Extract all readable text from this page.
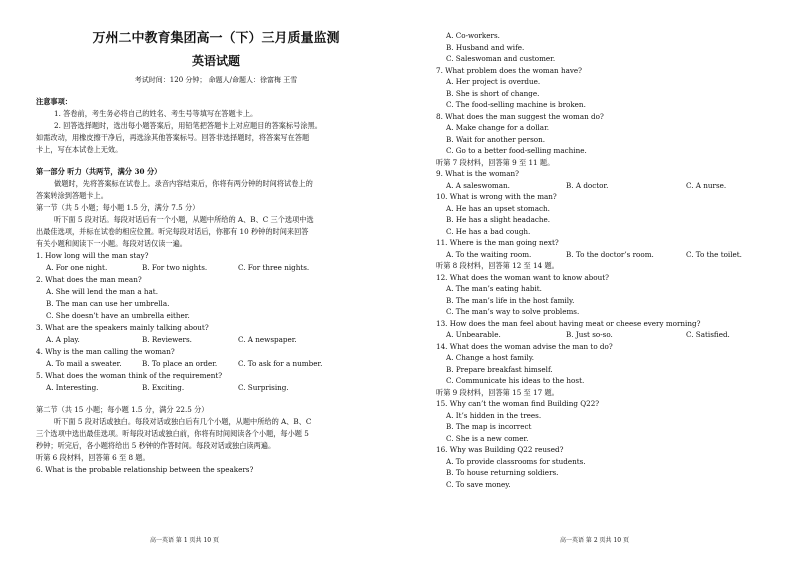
万州二中教育集团高一（下）三月质量监测
英语试题
考试时间：120 分钟； 命题人/命题人：徐富梅 王雪
注意事项：
1. 答卷前，考生务必将自己的姓名、考生号等填写在答题卡上。
2. 回答选择题时，选出每小题答案后，用铅笔把答题卡上对应题目的答案标号涂黑。
如需改动，用橡皮擦干净后，再选涂其他答案标号。回答非选择题时，将答案写在答题
卡上，写在本试卷上无效。
第一部分 听力（共两节，满分 30 分）
做题时，先将答案标在试卷上。录音内容结束后，你将有两分钟的时间将试卷上的
答案转涂到答题卡上。
第一节（共 5 小题；每小题 1.5 分，满分 7.5 分）
听下面 5 段对话。每段对话后有一个小题，从题中所给的 A、B、C 三个选项中选
出最佳选项，并标在试卷的相应位置。听完每段对话后，你都有 10 秒钟的时间来回答
有关小题和阅读下一小题。每段对话仅读一遍。
1. How long will the man stay?
A. For one night.	B. For two nights.	C. For three nights.
2. What does the man mean?
A. She will lend the man a hat.
B. The man can use her umbrella.
C. She doesn’t have an umbrella either.
3. What are the speakers mainly talking about?
A. A play.	B. Reviewers.	C. A newspaper.
4. Why is the man calling the woman?
A. To mail a sweater.	B. To place an order.	C. To ask for a number.
5. What does the woman think of the requirement?
A. Interesting.	B. Exciting.	C. Surprising.
第二节（共 15 小题；每小题 1.5 分，满分 22.5 分）
听下面 5 段对话或独白。每段对话或独白后有几个小题，从题中所给的 A、B、C
三个选项中选出最佳选项。听每段对话或独白前，你将有时间阅读各个小题，每小题 5
秒钟；听完后，各小题将给出 5 秒钟的作答时间。每段对话或独白读两遍。
听第 6 段材料，回答第 6 至 8 题。
6. What is the probable relationship between the speakers?
A. Co-workers.
B. Husband and wife.
C. Saleswoman and customer.
7. What problem does the woman have?
A. Her project is overdue.
B. She is short of change.
C. The food-selling machine is broken.
8. What does the man suggest the woman do?
A. Make change for a dollar.
B. Wait for another person.
C. Go to a better food-selling machine.
听第 7 段材料，回答第 9 至 11 题。
9. What is the woman?
A. A saleswoman.	B. A doctor.	C. A nurse.
10. What is wrong with the man?
A. He has an upset stomach.
B. He has a slight headache.
C. He has a bad cough.
11. Where is the man going next?
A. To the waiting room.	B. To the doctor’s room.	C. To the toilet.
听第 8 段材料，回答第 12 至 14 题。
12. What does the woman want to know about?
A. The man’s eating habit.
B. The man’s life in the host family.
C. The man’s way to solve problems.
13. How does the man feel about having meat or cheese every morning?
A. Unbearable.	B. Just so-so.	C. Satisfied.
14. What does the woman advise the man to do?
A. Change a host family.
B. Prepare breakfast himself.
C. Communicate his ideas to the host.
听第 9 段材料，回答第 15 至 17 题。
15. Why can’t the woman find Building Q22?
A. It’s hidden in the trees.
B. The map is incorrect
C. She is a new comer.
16. Why was Building Q22 reused?
A. To provide classrooms for students.
B. To house returning soldiers.
C. To save money.
高一英语 第 1 页共 10 页	高一英语 第 2 页共 10 页
